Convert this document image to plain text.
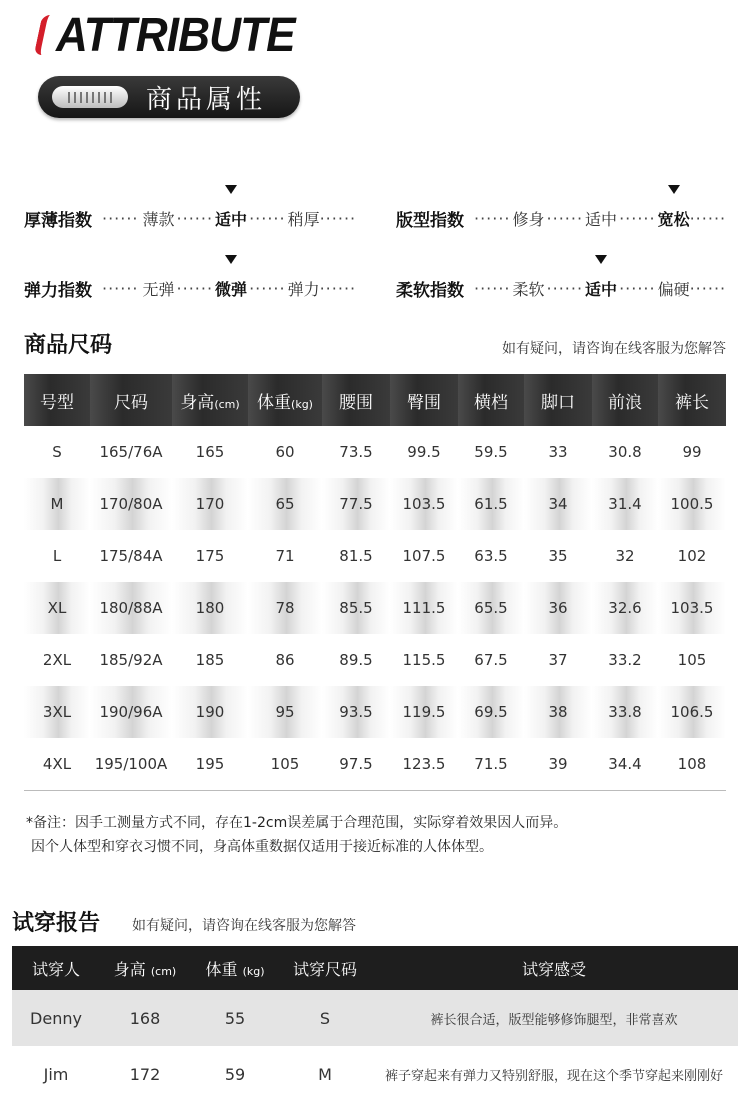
ATTRIBUTE
商品属性
厚薄指数 ······ 薄款 ······ 适中 ······ 稍厚 ······ 版型指数 ······ 修身 ······ 适中 ······ 宽松 ······
弹力指数 ······ 无弹 ······ 微弹 ······ 弹力 ······ 柔软指数 ······ 柔软 ······ 适中 ······ 偏硬 ······
商品尺码	如有疑问，请咨询在线客服为您解答
号型	尺码	身高(cm)	体重(kg)	腰围	臀围	横档	脚口	前浪	裤长
S	165/76A	165	60	73.5	99.5	59.5	33	30.8	99
M	170/80A	170	65	77.5	103.5	61.5	34	31.4	100.5
L	175/84A	175	71	81.5	107.5	63.5	35	32	102
XL	180/88A	180	78	85.5	111.5	65.5	36	32.6	103.5
2XL	185/92A	185	86	89.5	115.5	67.5	37	33.2	105
3XL	190/96A	190	95	93.5	119.5	69.5	38	33.8	106.5
4XL	195/100A	195	105	97.5	123.5	71.5	39	34.4	108
*备注：因手工测量方式不同，存在1-2cm误差属于合理范围，实际穿着效果因人而异。
因个人体型和穿衣习惯不同，身高体重数据仅适用于接近标准的人体体型。
试穿报告 如有疑问，请咨询在线客服为您解答
试穿人	身高 (cm)	体重 (kg)	试穿尺码	试穿感受
Denny	168	55	S	裤长很合适，版型能够修饰腿型，非常喜欢
Jim	172	59	M	裤子穿起来有弹力又特别舒服，现在这个季节穿起来刚刚好
